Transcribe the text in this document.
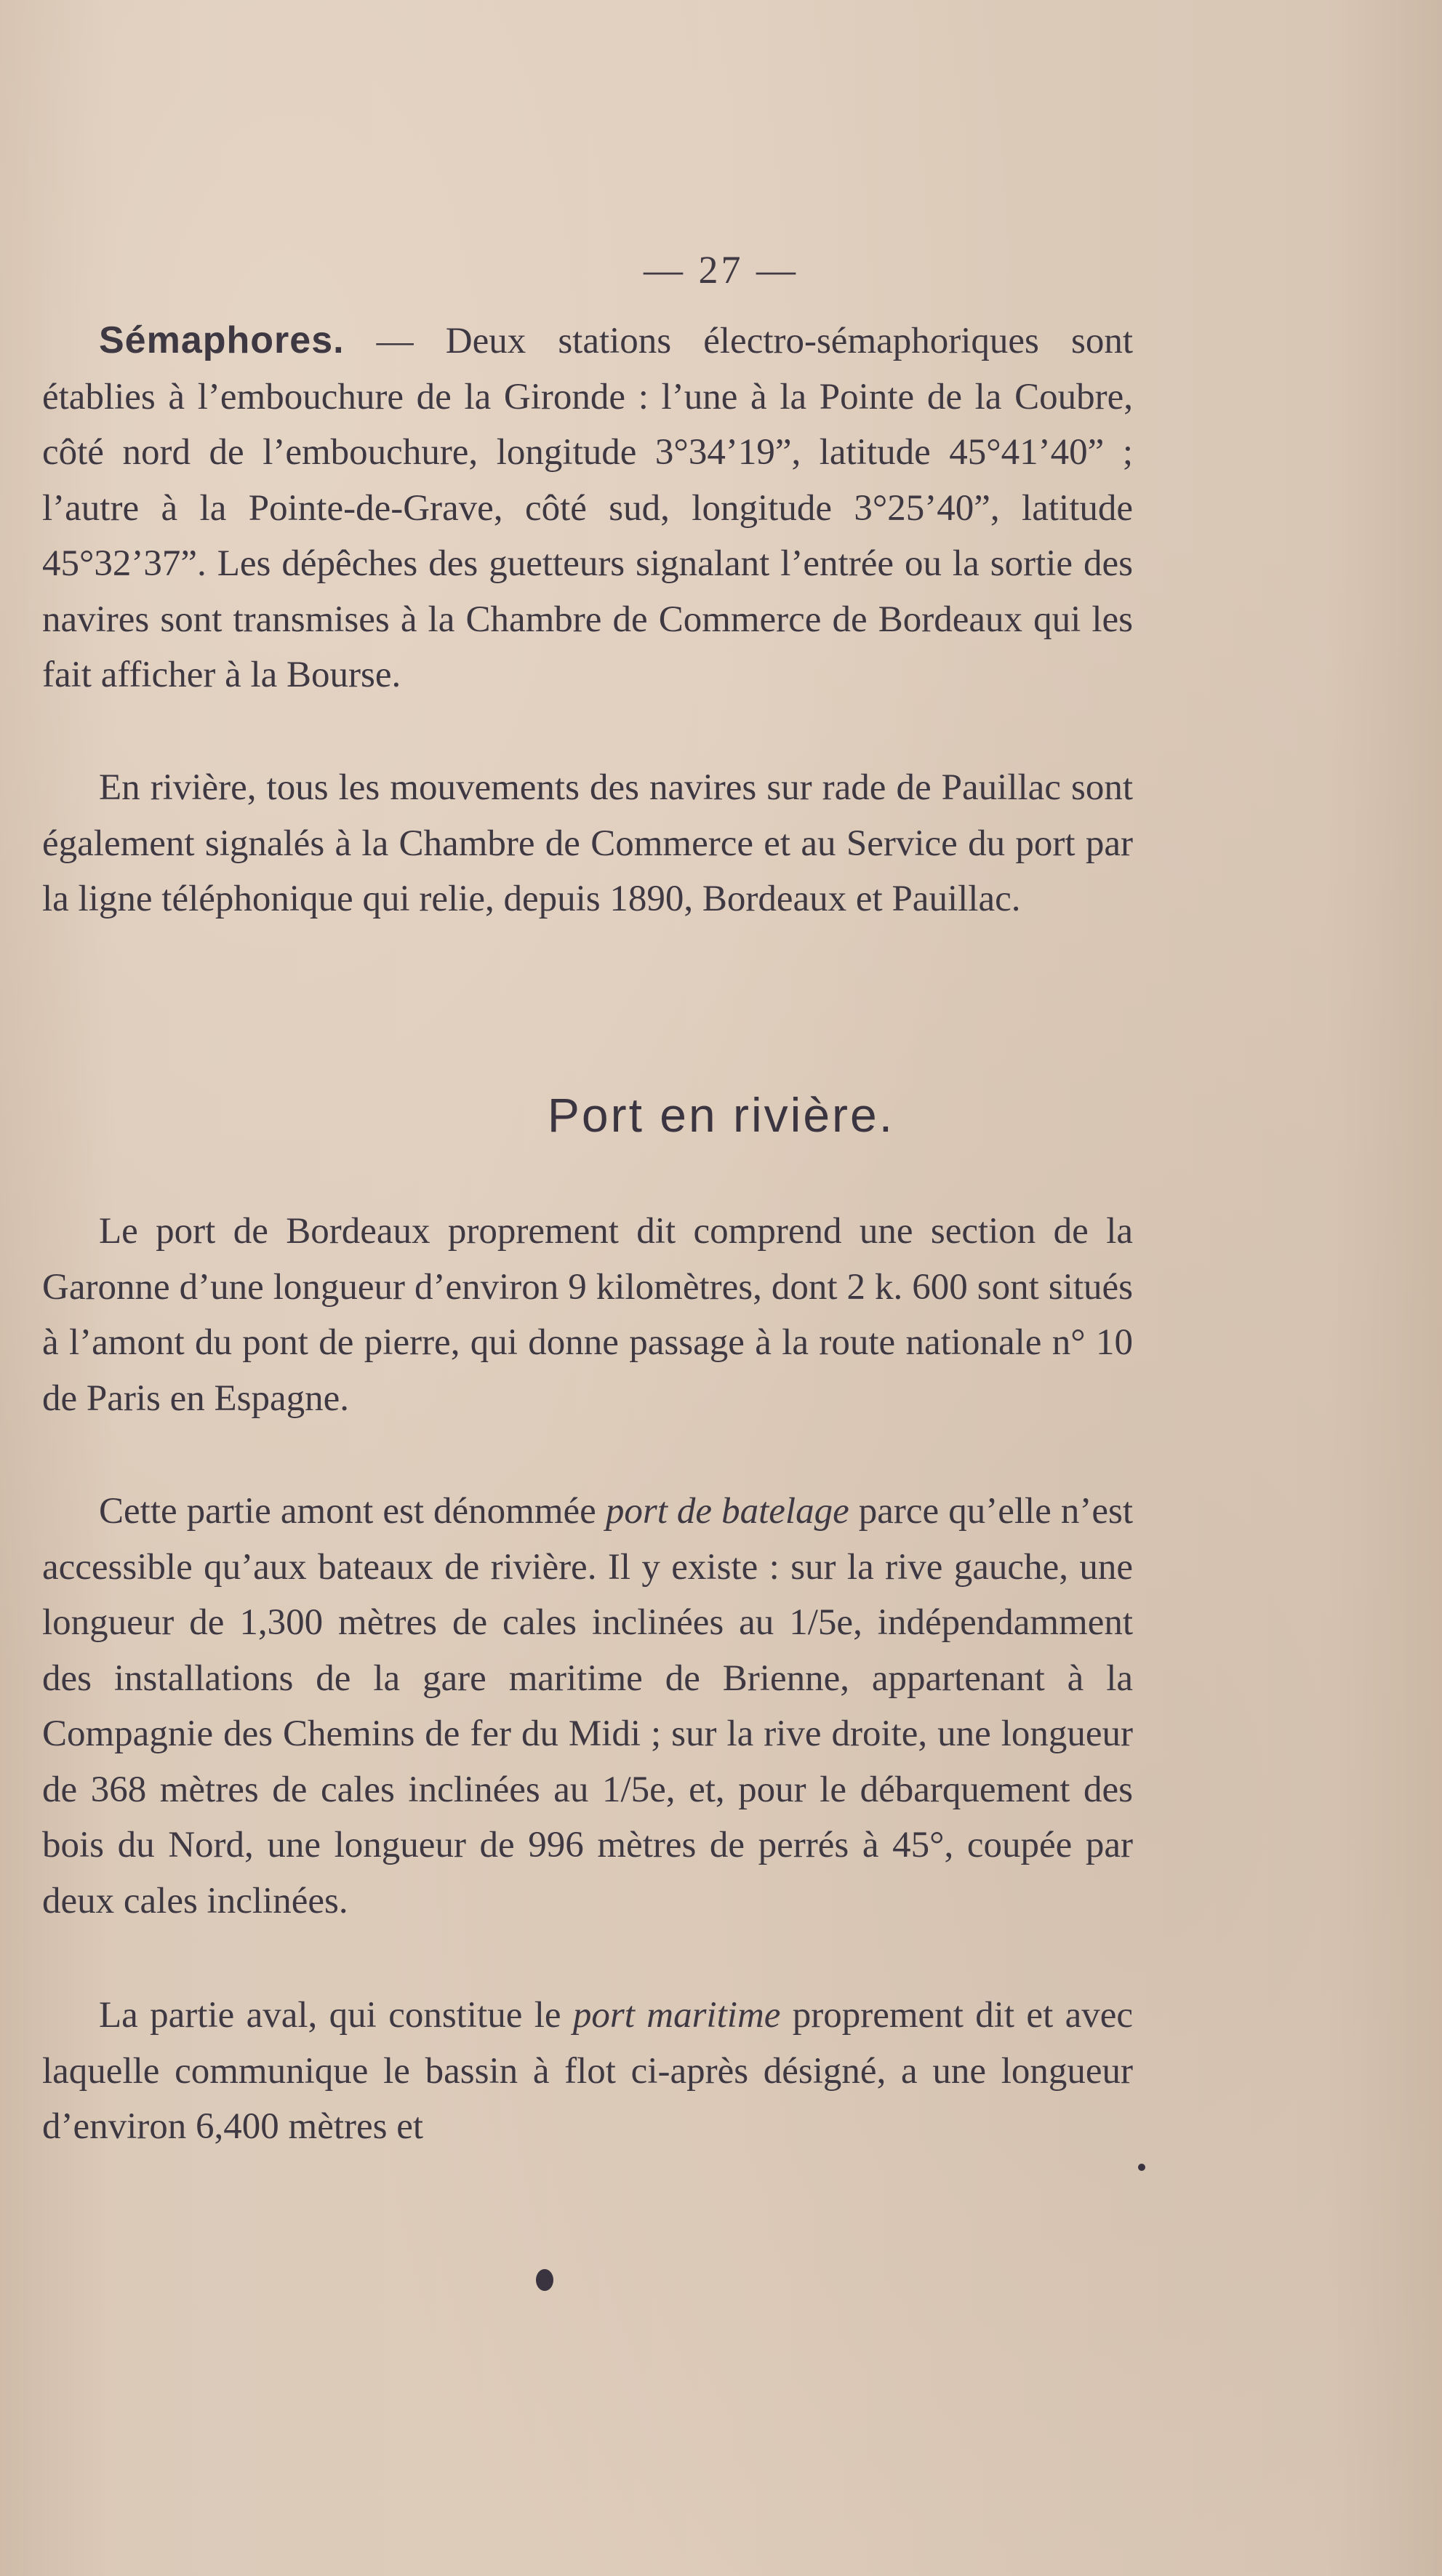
— 27 —

Sémaphores. — Deux stations électro-sémaphoriques sont établies à l’embouchure de la Gironde : l’une à la Pointe de la Coubre, côté nord de l’embouchure, longitude 3°34’19”, latitude 45°41’40” ; l’autre à la Pointe-de-Grave, côté sud, longitude 3°25’40”, latitude 45°32’37”. Les dépêches des guetteurs signalant l’entrée ou la sortie des navires sont transmises à la Chambre de Commerce de Bordeaux qui les fait afficher à la Bourse.

En rivière, tous les mouvements des navires sur rade de Pauillac sont également signalés à la Chambre de Commerce et au Service du port par la ligne téléphonique qui relie, depuis 1890, Bordeaux et Pauillac.

Port en rivière.

Le port de Bordeaux proprement dit comprend une section de la Garonne d’une longueur d’environ 9 kilomètres, dont 2 k. 600 sont situés à l’amont du pont de pierre, qui donne passage à la route nationale n° 10 de Paris en Espagne.

Cette partie amont est dénommée port de batelage parce qu’elle n’est accessible qu’aux bateaux de rivière. Il y existe : sur la rive gauche, une longueur de 1,300 mètres de cales inclinées au 1/5e, indépendamment des installations de la gare maritime de Brienne, appartenant à la Compagnie des Chemins de fer du Midi ; sur la rive droite, une longueur de 368 mètres de cales inclinées au 1/5e, et, pour le débarquement des bois du Nord, une longueur de 996 mètres de perrés à 45°, coupée par deux cales inclinées.

La partie aval, qui constitue le port maritime proprement dit et avec laquelle communique le bassin à flot ci-après désigné, a une longueur d’environ 6,400 mètres et
